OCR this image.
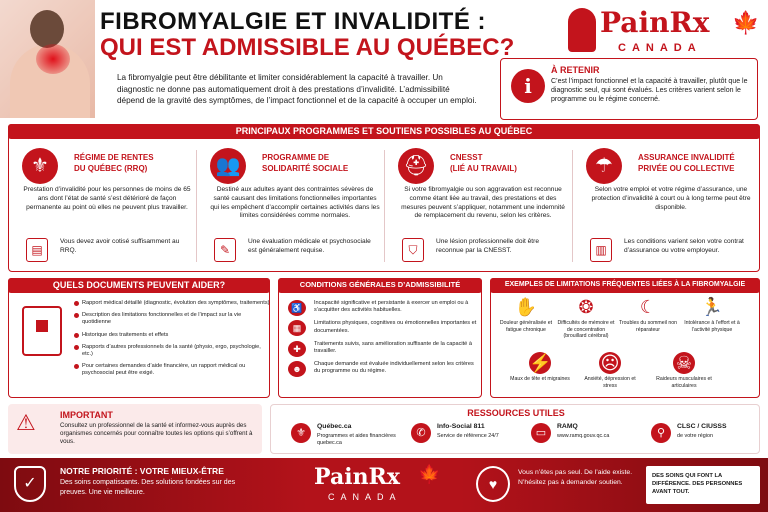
FIBROMYALGIE ET INVALIDITÉ :
QUI EST ADMISSIBLE AU QUÉBEC?
PainRx 🍁
CANADA
La fibromyalgie peut être débilitante et limiter considérablement la capacité à travailler. Un diagnostic ne donne pas automatiquement droit à des prestations d’invalidité. L’admissibilité dépend de la gravité des symptômes, de l’impact fonctionnel et de la capacité à occuper un emploi.
i
À RETENIR
C’est l’impact fonctionnel et la capacité à travailler, plutôt que le diagnostic seul, qui sont évalués. Les critères varient selon le programme ou le régime concerné.
PRINCIPAUX PROGRAMMES ET SOUTIENS POSSIBLES AU QUÉBEC
⚜	RÉGIME DE RENTES
DU QUÉBEC (RRQ)
Prestation d’invalidité pour les personnes de moins de 65 ans dont l’état de santé s’est détérioré de façon permanente au point où elles ne peuvent plus travailler.
▤
Vous devez avoir cotisé suffisamment au RRQ.
👥	PROGRAMME DE
SOLIDARITÉ SOCIALE
Destiné aux adultes ayant des contraintes sévères de santé causant des limitations fonctionnelles importantes qui les empêchent d’accomplir certaines activités dans les limites considérées comme normales.
✎
Une évaluation médicale et psychosociale est généralement requise.
⛑	CNESST
(LIÉ AU TRAVAIL)
Si votre fibromyalgie ou son aggravation est reconnue comme étant liée au travail, des prestations et des mesures peuvent s’appliquer, notamment une indemnité de remplacement du revenu, selon les critères.
⛉
Une lésion professionnelle doit être reconnue par la CNESST.
☂	ASSURANCE INVALIDITÉ
PRIVÉE OU COLLECTIVE
Selon votre emploi et votre régime d’assurance, une protection d’invalidité à court ou à long terme peut être disponible.
▥
Les conditions varient selon votre contrat d’assurance ou votre employeur.
QUELS DOCUMENTS PEUVENT AIDER?
Rapport médical détaillé (diagnostic, évolution des symptômes, traitements)
Description des limitations fonctionnelles et de l’impact sur la vie quotidienne
Historique des traitements et effets
Rapports d’autres professionnels de la santé (physio, ergo, psychologie, etc.)
Pour certaines demandes d’aide financière, un rapport médical ou psychosocial peut être exigé.
CONDITIONS GÉNÉRALES D’ADMISSIBILITÉ
♿	Incapacité significative et persistante à exercer un emploi ou à s’acquitter des activités habituelles.
▦	Limitations physiques, cognitives ou émotionnelles importantes et documentées.
✚	Traitements suivis, sans amélioration suffisante de la capacité à travailler.
☻	Chaque demande est évaluée individuellement selon les critères du programme ou du régime.
EXEMPLES DE LIMITATIONS FRÉQUENTES LIÉES À LA FIBROMYALGIE
✋
Douleur généralisée et fatigue chronique
❂
Difficultés de mémoire et de concentration (brouillard cérébral)
☾
Troubles du sommeil non réparateur
🏃
Intolérance à l’effort et à l’activité physique
⚡
Maux de tête et migraines
☹
Anxiété, dépression et stress
☠
Raideurs musculaires et articulaires
⚠	IMPORTANT
Consultez un professionnel de la santé et informez-vous auprès des organismes concernés pour connaître toutes les options qui s’offrent à vous.
RESSOURCES UTILES
⚜
Québec.ca
Programmes et aides financières quebec.ca
✆
Info-Social 811
Service de référence 24/7	▭
RAMQ
www.ramq.gouv.qc.ca	⚲
CLSC / CIUSSS
de votre région
✓
NOTRE PRIORITÉ : VOTRE MIEUX-ÊTRE
Des soins compatissants. Des solutions fondées sur des preuves. Une vie meilleure.
PainRx 🍁
CANADA
♥
Vous n’êtes pas seul. De l’aide existe. N’hésitez pas à demander soutien.
DES SOINS QUI FONT LA DIFFÉRENCE. DES PERSONNES AVANT TOUT.
